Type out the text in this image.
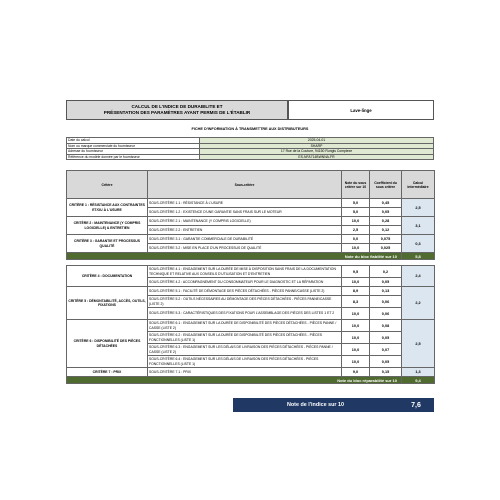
CALCUL DE L'INDICE DE DURABILITE ET
PRÉSENTATION DES PARAMÈTRES AYANT PERMIS DE L'ÉTABLIR	Lave-linge
FICHE D'INFORMATION À TRANSMETTRE AUX DISTRIBUTEURS
Date du calcul	2025-04-01
Nom ou marque commerciale du fournisseur	SHARP
Adresse du fournisseur	17 Rue de la Couture, 94150 Rungis Complexe
Référence du modèle donnée par le fournisseur	ES-NFA714BWNNA-FR
Critère	Sous-critère	Note du sous critère sur 10	Coefficient du sous critère	Calcul intermédiaire
CRITÈRE 1 : RÉSISTANCE AUX CONTRAINTES ET/OU À L'USURE	SOUS-CRITÈRE 1.1 : RÉSISTANCE À L'USURE	5,0	0,45	2,5
	SOUS-CRITÈRE 1.2 : EXISTENCE D'UNE GARANTIE SANS FRAIS SUR LE MOTEUR	5,0	0,05	
CRITÈRE 2 : MAINTENANCE (Y COMPRIS LOGICIELLE) & ENTRETIEN	SOUS-CRITÈRE 2.1 : MAINTENANCE (Y COMPRIS LOGICIELLE)	10,0	0,28	3,1
	SOUS-CRITÈRE 2.2 : ENTRETIEN	2,5	0,12	
CRITÈRE 3 : GARANTIE ET PROCESSUS QUALITÉ	SOUS-CRITÈRE 3.1 : GARANTIE COMMERCIALE DE DURABILITÉ	0,0	0,075	0,3
	SOUS-CRITÈRE 3.2 : MISE EN PLACE D'UN PROCESSUS DE QUALITÉ	10,0	0,025	
Note du bloc fiabilité sur 10				5,8

CRITÈRE 4 : DOCUMENTATION	SOUS-CRITÈRE 4.1 : ENGAGEMENT SUR LA DURÉE DE MISE À DISPOSITION SANS FRAIS DE LA DOCUMENTATION TECHNIQUE ET RELATIVE AUX CONSEILS D'UTILISATION ET D'ENTRETIEN	9,5	0,2	2,4
	SOUS-CRITÈRE 4.2 : ACCOMPAGNEMENT DU CONSOMMATEUR POUR LE DIAGNOSTIC ET LA RÉPARATION	10,0	0,05	
CRITÈRE 5 : DÉMONTABILITÉ, ACCÈS, OUTILS, FIXATIONS	SOUS-CRITÈRE 5.1 : FACILITÉ DE DÉMONTAGE DES PIÈCES DÉTACHÉES - PIÈCES PANNE/CASSE (LISTE 2)	8,9	0,13	2,2
	SOUS-CRITÈRE 5.2 : OUTILS NÉCESSAIRES AU DÉMONTAGE DES PIÈCES DÉTACHÉES - PIÈCES PANNE/CASSE (LISTE 2)	8,3	0,06	
	SOUS-CRITÈRE 5.3 : CARACTÉRISTIQUES DES FIXATIONS POUR L'ASSEMBLAGE DES PIÈCES DES LISTES 1 ET 2	10,0	0,06	
CRITÈRE 6 : DISPONIBILITÉ DES PIÈCES DÉTACHÉES	SOUS-CRITÈRE 6.1 : ENGAGEMENT SUR LA DURÉE DE DISPONIBILITÉ DES PIÈCES DÉTACHÉES - PIÈCES PANNE / CASSE (LISTE 2)	10,0	0,08	2,5
	SOUS-CRITÈRE 6.2 : ENGAGEMENT SUR LA DURÉE DE DISPONIBILITÉ DES PIÈCES DÉTACHÉES - PIÈCES FONCTIONNELLES (LISTE 1)	10,0	0,05	
	SOUS-CRITÈRE 6.3 : ENGAGEMENT SUR LES DÉLAIS DE LIVRAISON DES PIÈCES DÉTACHÉES - PIÈCES PANNE / CASSE (LISTE 2)	10,0	0,07	
	SOUS-CRITÈRE 6.4 : ENGAGEMENT SUR LES DÉLAIS DE LIVRAISON DES PIÈCES DÉTACHÉES - PIÈCES FONCTIONNELLES (LISTE 1)	10,0	0,05	
CRITÈRE 7 : PRIX	SOUS-CRITÈRE 7.1 : PRIX	9,0	0,15	1,3
Note du bloc réparabilité sur 10				9,4
Note de l'indice sur 10	7,6
